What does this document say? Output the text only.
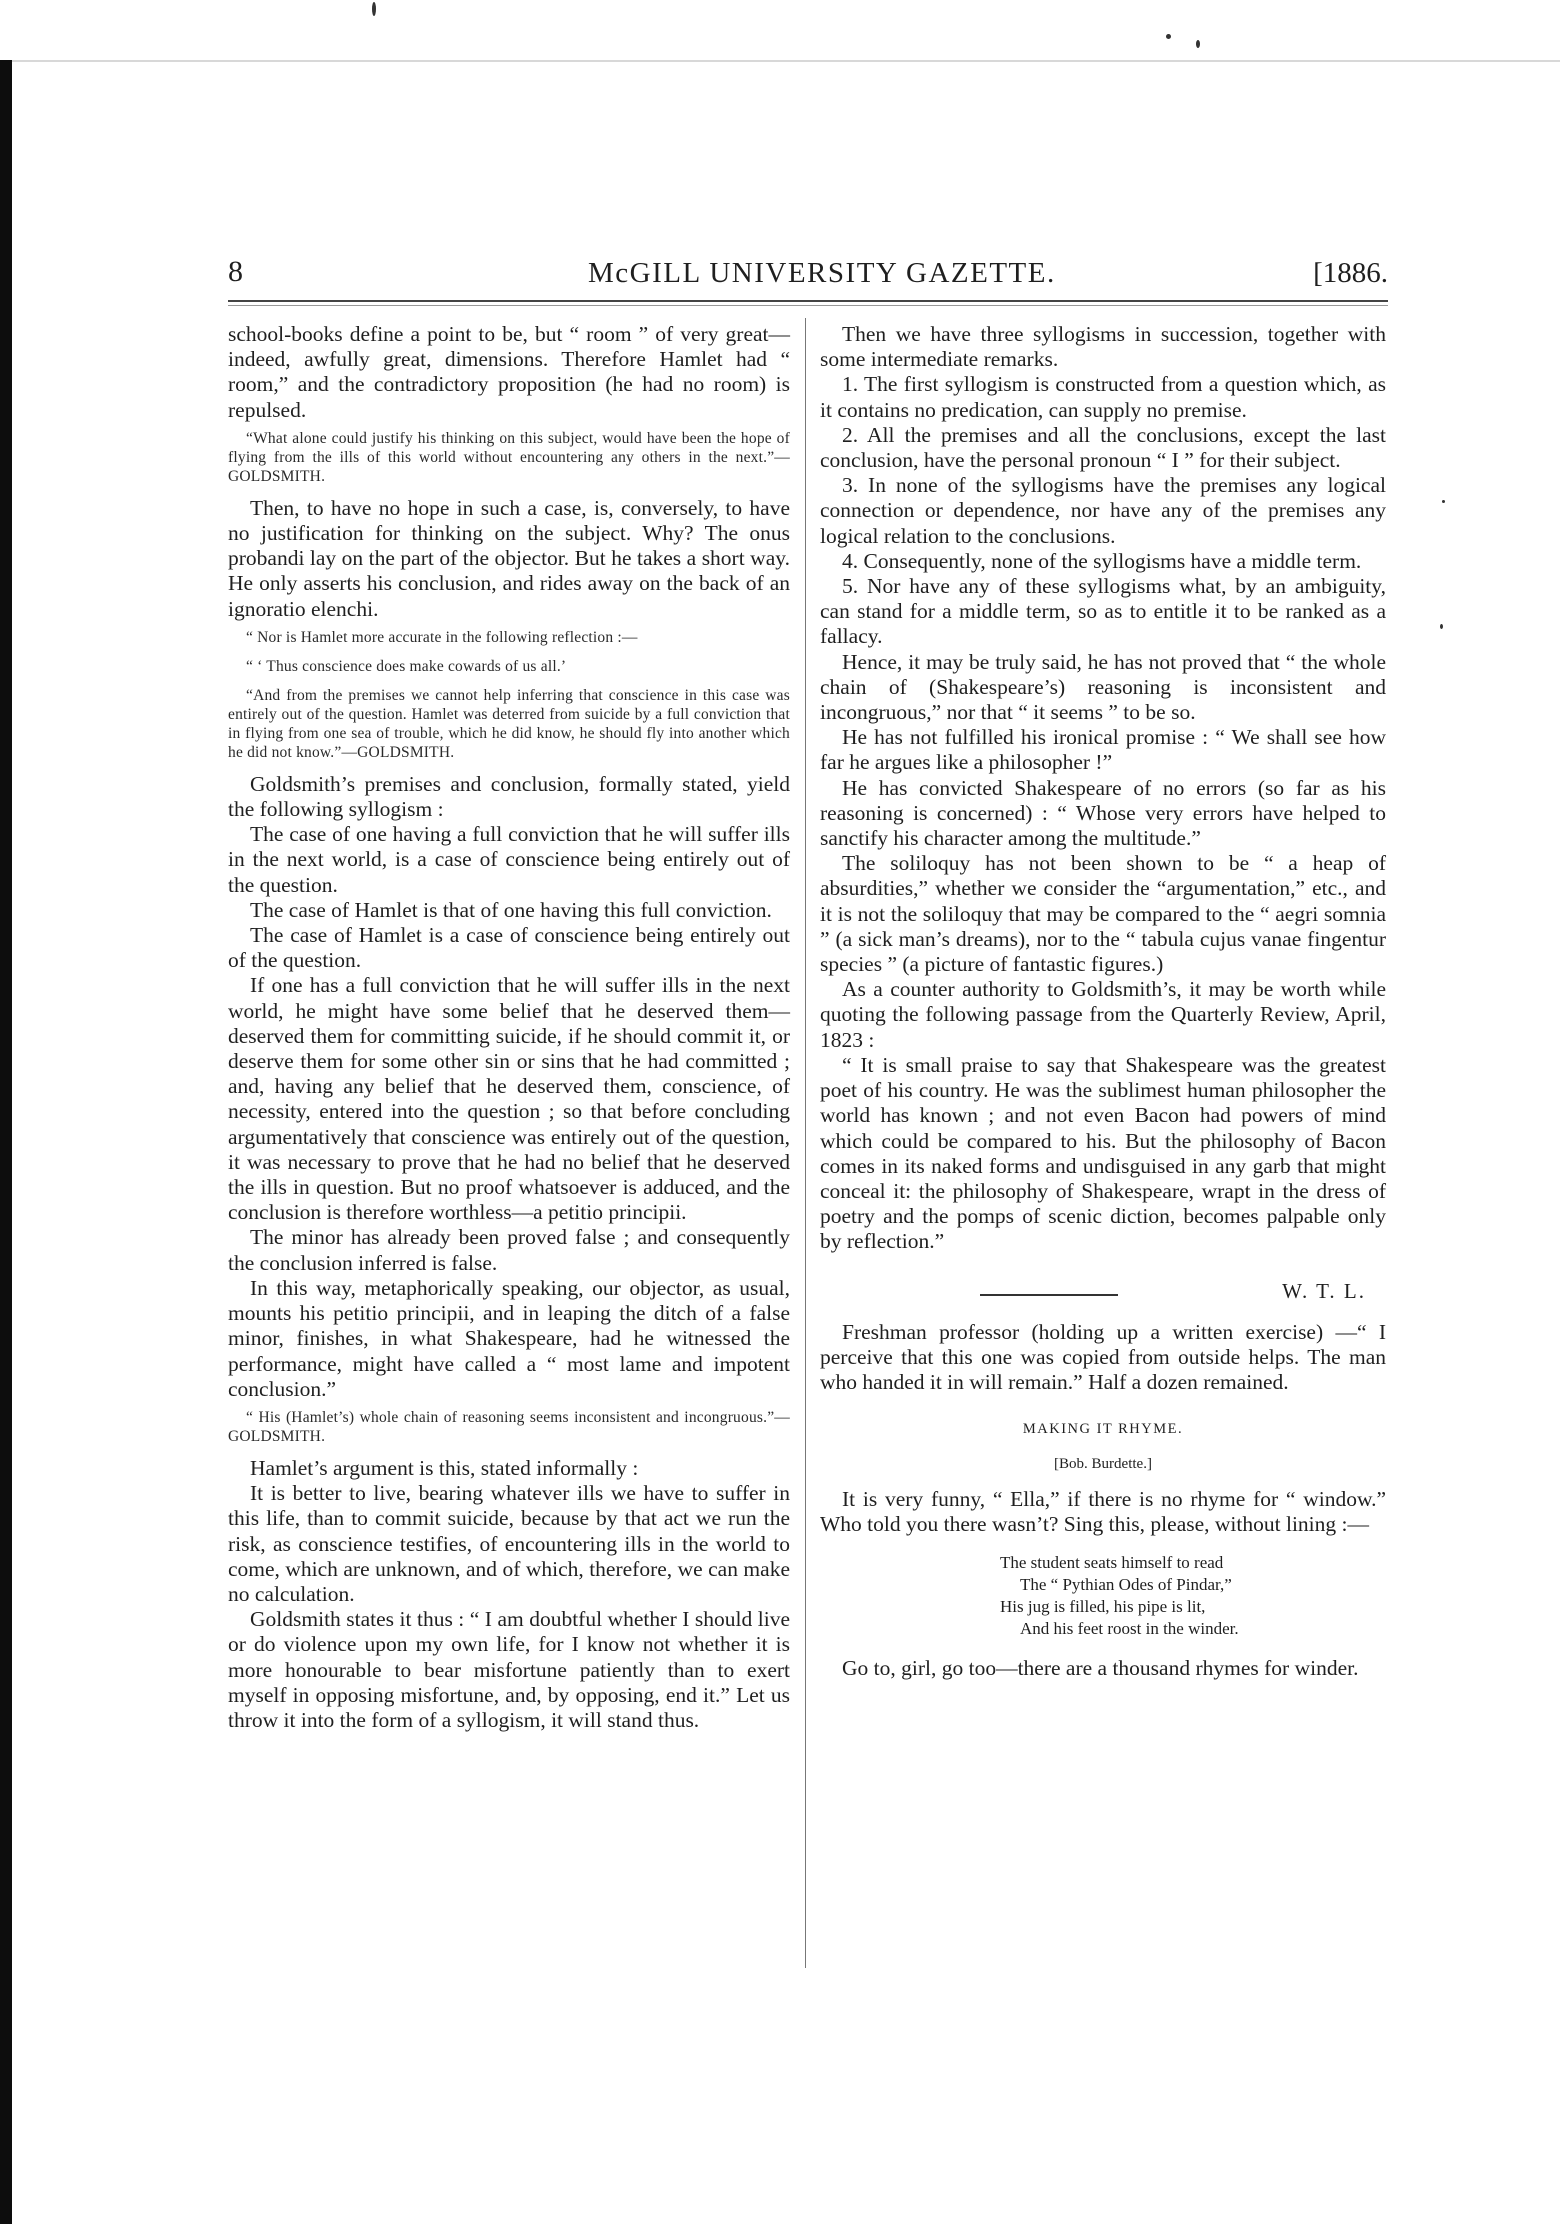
8	McGILL UNIVERSITY GAZETTE.	[1886.

school-books define a point to be, but “ room ” of very great—indeed, awfully great, dimensions. Therefore Hamlet had “ room,” and the contradictory proposition (he had no room) is repulsed.

“What alone could justify his thinking on this subject, would have been the hope of flying from the ills of this world without encountering any others in the next.”—GOLDSMITH.

Then, to have no hope in such a case, is, conversely, to have no justification for thinking on the subject. Why? The onus probandi lay on the part of the objector. But he takes a short way. He only asserts his conclusion, and rides away on the back of an ignoratio elenchi.

“ Nor is Hamlet more accurate in the following reflection :—

“ ‘ Thus conscience does make cowards of us all.’

“And from the premises we cannot help inferring that conscience in this case was entirely out of the question. Hamlet was deterred from suicide by a full conviction that in flying from one sea of trouble, which he did know, he should fly into another which he did not know.”—GOLDSMITH.

Goldsmith’s premises and conclusion, formally stated, yield the following syllogism :

The case of one having a full conviction that he will suffer ills in the next world, is a case of conscience being entirely out of the question.

The case of Hamlet is that of one having this full conviction.

The case of Hamlet is a case of conscience being entirely out of the question.

If one has a full conviction that he will suffer ills in the next world, he might have some belief that he deserved them—deserved them for committing suicide, if he should commit it, or deserve them for some other sin or sins that he had committed ; and, having any belief that he deserved them, conscience, of necessity, entered into the question ; so that before concluding argumentatively that conscience was entirely out of the question, it was necessary to prove that he had no belief that he deserved the ills in question. But no proof whatsoever is adduced, and the conclusion is therefore worthless—a petitio principii.

The minor has already been proved false ; and consequently the conclusion inferred is false.

In this way, metaphorically speaking, our objector, as usual, mounts his petitio principii, and in leaping the ditch of a false minor, finishes, in what Shakespeare, had he witnessed the performance, might have called a “ most lame and impotent conclusion.”

“ His (Hamlet’s) whole chain of reasoning seems inconsistent and incongruous.”—GOLDSMITH.

Hamlet’s argument is this, stated informally :

It is better to live, bearing whatever ills we have to suffer in this life, than to commit suicide, because by that act we run the risk, as conscience testifies, of encountering ills in the world to come, which are unknown, and of which, therefore, we can make no calculation.

Goldsmith states it thus : “ I am doubtful whether I should live or do violence upon my own life, for I know not whether it is more honourable to bear misfortune patiently than to exert myself in opposing misfortune, and, by opposing, end it.” Let us throw it into the form of a syllogism, it will stand thus.

Then we have three syllogisms in succession, together with some intermediate remarks.

1. The first syllogism is constructed from a question which, as it contains no predication, can supply no premise.

2. All the premises and all the conclusions, except the last conclusion, have the personal pronoun “ I ” for their subject.

3. In none of the syllogisms have the premises any logical connection or dependence, nor have any of the premises any logical relation to the conclusions.

4. Consequently, none of the syllogisms have a middle term.

5. Nor have any of these syllogisms what, by an ambiguity, can stand for a middle term, so as to entitle it to be ranked as a fallacy.

Hence, it may be truly said, he has not proved that “ the whole chain of (Shakespeare’s) reasoning is inconsistent and incongruous,” nor that “ it seems ” to be so.

He has not fulfilled his ironical promise : “ We shall see how far he argues like a philosopher !”

He has convicted Shakespeare of no errors (so far as his reasoning is concerned) : “ Whose very errors have helped to sanctify his character among the multitude.”

The soliloquy has not been shown to be “ a heap of absurdities,” whether we consider the “argumentation,” etc., and it is not the soliloquy that may be compared to the “ aegri somnia ” (a sick man’s dreams), nor to the “ tabula cujus vanae fingentur species ” (a picture of fantastic figures.)

As a counter authority to Goldsmith’s, it may be worth while quoting the following passage from the Quarterly Review, April, 1823 :

“ It is small praise to say that Shakespeare was the greatest poet of his country. He was the sublimest human philosopher the world has known ; and not even Bacon had powers of mind which could be compared to his. But the philosophy of Bacon comes in its naked forms and undisguised in any garb that might conceal it: the philosophy of Shakespeare, wrapt in the dress of poetry and the pomps of scenic diction, becomes palpable only by reflection.”

W. T. L.

Freshman professor (holding up a written exercise) —“ I perceive that this one was copied from outside helps. The man who handed it in will remain.” Half a dozen remained.

MAKING IT RHYME.
[Bob. Burdette.]

It is very funny, “ Ella,” if there is no rhyme for “ window.” Who told you there wasn’t? Sing this, please, without lining :—

The student seats himself to read
The “ Pythian Odes of Pindar,”
His jug is filled, his pipe is lit,
And his feet roost in the winder.

Go to, girl, go too—there are a thousand rhymes for winder.
